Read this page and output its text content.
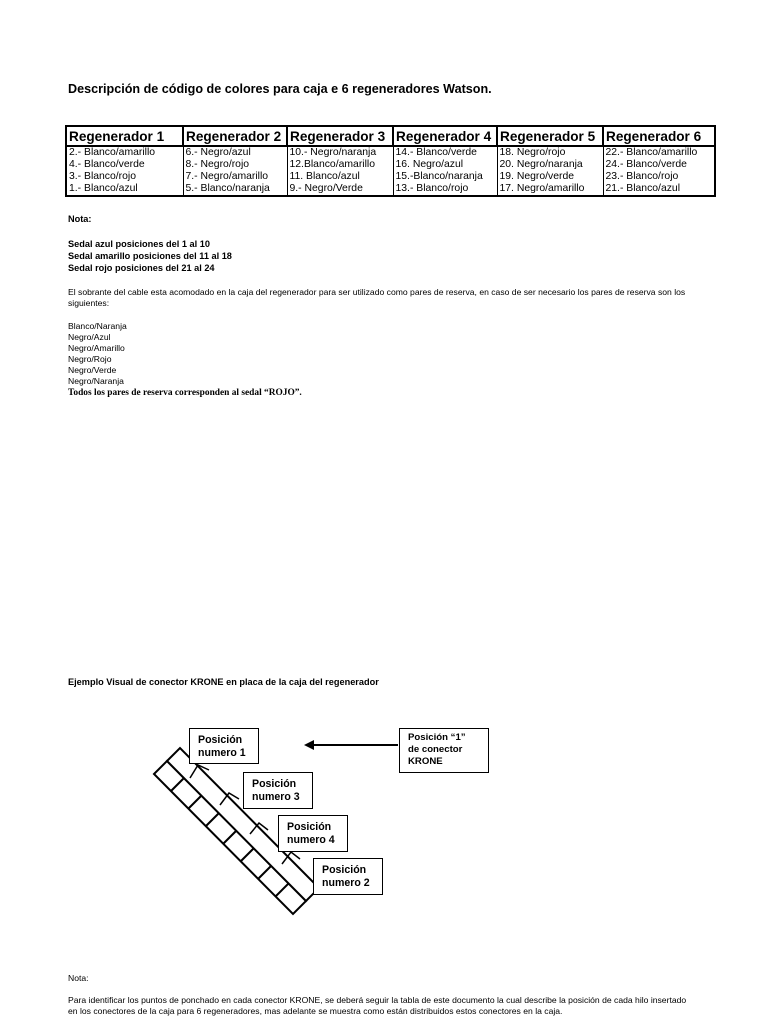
Descripción de código de colores para caja e 6 regeneradores Watson.
Regenerador 1	Regenerador 2	Regenerador 3	Regenerador 4	Regenerador 5	Regenerador 6
2.- Blanco/amarillo	6.- Negro/azul	10.- Negro/naranja	14.- Blanco/verde	18. Negro/rojo	22.- Blanco/amarillo
4.- Blanco/verde	8.- Negro/rojo	12.Blanco/amarillo	16. Negro/azul	20. Negro/naranja	24.- Blanco/verde
3.- Blanco/rojo	7.- Negro/amarillo	11. Blanco/azul	15.-Blanco/naranja	19. Negro/verde	23.- Blanco/rojo
1.- Blanco/azul	5.- Blanco/naranja	9.- Negro/Verde	13.- Blanco/rojo	17. Negro/amarillo	21.- Blanco/azul
Nota:
Sedal azul posiciones del 1 al 10
Sedal amarillo posiciones del 11 al 18
Sedal rojo posiciones del 21 al 24
El sobrante del cable esta acomodado en la caja del regenerador para ser utilizado como pares de reserva, en caso de ser necesario los pares de reserva son los siguientes:
Blanco/Naranja
Negro/Azul
Negro/Amarillo
Negro/Rojo
Negro/Verde
Negro/Naranja
Todos los pares de reserva corresponden al sedal “ROJO”.
Ejemplo Visual de conector KRONE en placa de la caja del regenerador
Posición
numero 1
Posición
numero 3
Posición
numero 4
Posición
numero 2
Posición “1”
de conector
KRONE
Nota:
Para identificar los puntos de ponchado en cada conector KRONE, se deberá seguir la tabla de este documento la cual describe la posición de cada hilo insertado en los conectores de la caja para 6 regeneradores, mas adelante se muestra como están distribuidos estos conectores en la caja.
